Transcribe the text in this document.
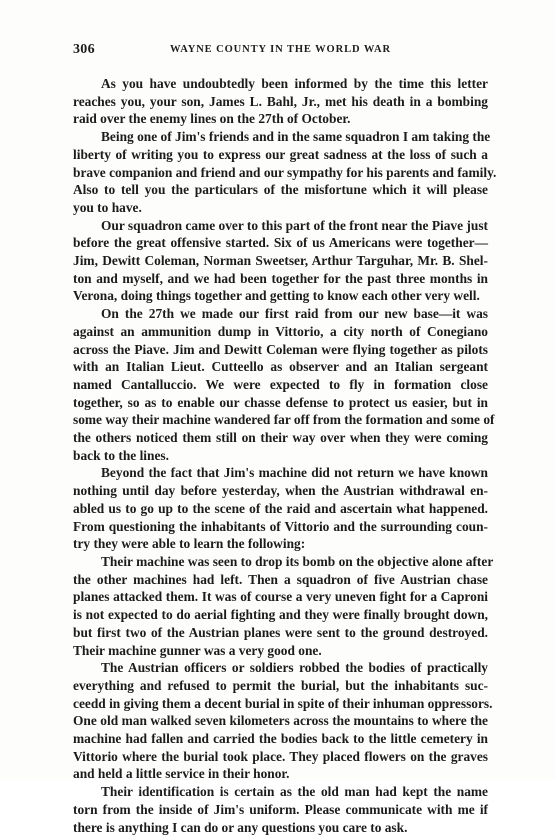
306	WAYNE COUNTY IN THE WORLD WAR
As you have undoubtedly been informed by the time this letter
reaches you, your son, James L. Bahl, Jr., met his death in a bombing
raid over the enemy lines on the 27th of October.
Being one of Jim's friends and in the same squadron I am taking the
liberty of writing you to express our great sadness at the loss of such a
brave companion and friend and our sympathy for his parents and family.
Also to tell you the particulars of the misfortune which it will please
you to have.
Our squadron came over to this part of the front near the Piave just
before the great offensive started. Six of us Americans were together—
Jim, Dewitt Coleman, Norman Sweetser, Arthur Targuhar, Mr. B. Shel-
ton and myself, and we had been together for the past three months in
Verona, doing things together and getting to know each other very well.
On the 27th we made our first raid from our new base—it was
against an ammunition dump in Vittorio, a city north of Conegiano
across the Piave. Jim and Dewitt Coleman were flying together as pilots
with an Italian Lieut. Cutteello as observer and an Italian sergeant
named Cantalluccio. We were expected to fly in formation close
together, so as to enable our chasse defense to protect us easier, but in
some way their machine wandered far off from the formation and some of
the others noticed them still on their way over when they were coming
back to the lines.
Beyond the fact that Jim's machine did not return we have known
nothing until day before yesterday, when the Austrian withdrawal en-
abled us to go up to the scene of the raid and ascertain what happened.
From questioning the inhabitants of Vittorio and the surrounding coun-
try they were able to learn the following:
Their machine was seen to drop its bomb on the objective alone after
the other machines had left. Then a squadron of five Austrian chase
planes attacked them. It was of course a very uneven fight for a Caproni
is not expected to do aerial fighting and they were finally brought down,
but first two of the Austrian planes were sent to the ground destroyed.
Their machine gunner was a very good one.
The Austrian officers or soldiers robbed the bodies of practically
everything and refused to permit the burial, but the inhabitants suc-
ceedd in giving them a decent burial in spite of their inhuman oppressors.
One old man walked seven kilometers across the mountains to where the
machine had fallen and carried the bodies back to the little cemetery in
Vittorio where the burial took place. They placed flowers on the graves
and held a little service in their honor.
Their identification is certain as the old man had kept the name
torn from the inside of Jim's uniform. Please communicate with me if
there is anything I can do or any questions you care to ask.
